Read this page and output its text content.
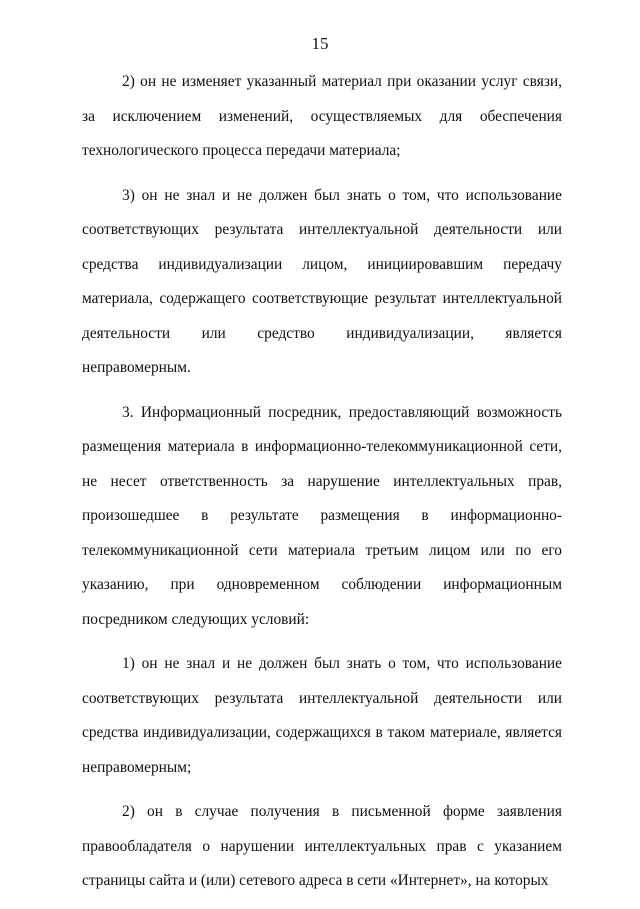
15

2) он не изменяет указанный материал при оказании услуг связи, за исключением изменений, осуществляемых для обеспечения технологического процесса передачи материала;

3) он не знал и не должен был знать о том, что использование соответствующих результата интеллектуальной деятельности или средства индивидуализации лицом, инициировавшим передачу материала, содержащего соответствующие результат интеллектуальной деятельности или средство индивидуализации, является неправомерным.

3. Информационный посредник, предоставляющий возможность размещения материала в информационно-телекоммуникационной сети, не несет ответственность за нарушение интеллектуальных прав, произошедшее в результате размещения в информационно-телекоммуникационной сети материала третьим лицом или по его указанию, при одновременном соблюдении информационным посредником следующих условий:

1) он не знал и не должен был знать о том, что использование соответствующих результата интеллектуальной деятельности или средства индивидуализации, содержащихся в таком материале, является неправомерным;

2) он в случае получения в письменной форме заявления правообладателя о нарушении интеллектуальных прав с указанием страницы сайта и (или) сетевого адреса в сети «Интернет», на которых
